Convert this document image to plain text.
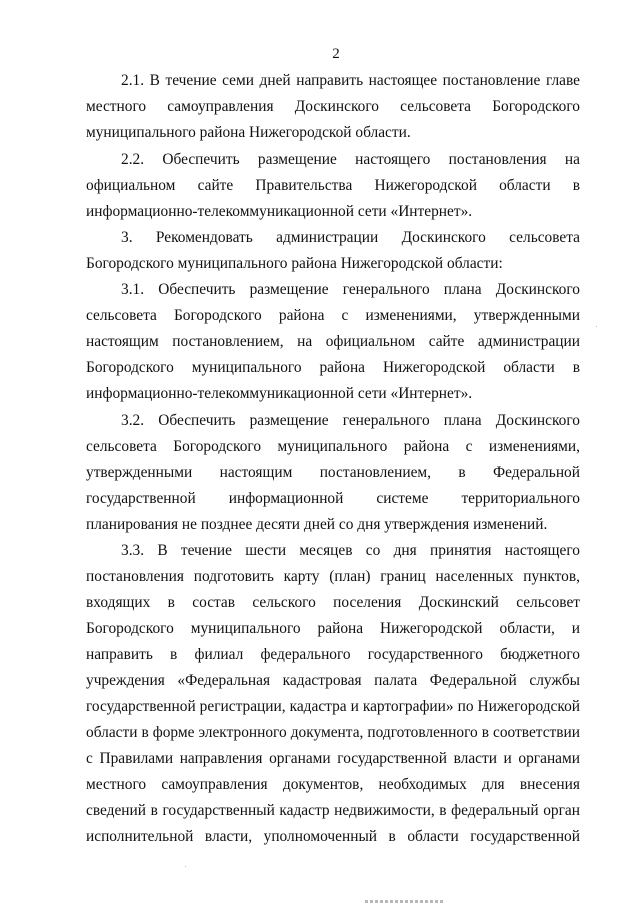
2
2.1. В течение семи дней направить настоящее постановление главе
местного самоуправления Доскинского сельсовета Богородского
муниципального района Нижегородской области.
2.2. Обеспечить размещение настоящего постановления на
официальном сайте Правительства Нижегородской области в
информационно-телекоммуникационной сети «Интернет».
3. Рекомендовать администрации Доскинского сельсовета
Богородского муниципального района Нижегородской области:
3.1. Обеспечить размещение генерального плана Доскинского
сельсовета Богородского района с изменениями, утвержденными
настоящим постановлением, на официальном сайте администрации
Богородского муниципального района Нижегородской области в
информационно-телекоммуникационной сети «Интернет».
3.2. Обеспечить размещение генерального плана Доскинского
сельсовета Богородского муниципального района с изменениями,
утвержденными настоящим постановлением, в Федеральной
государственной информационной системе территориального
планирования не позднее десяти дней со дня утверждения изменений.
3.3. В течение шести месяцев со дня принятия настоящего
постановления подготовить карту (план) границ населенных пунктов,
входящих в состав сельского поселения Доскинский сельсовет
Богородского муниципального района Нижегородской области, и
направить в филиал федерального государственного бюджетного
учреждения «Федеральная кадастровая палата Федеральной службы
государственной регистрации, кадастра и картографии» по Нижегородской
области в форме электронного документа, подготовленного в соответствии
с Правилами направления органами государственной власти и органами
местного самоуправления документов, необходимых для внесения
сведений в государственный кадастр недвижимости, в федеральный орган
исполнительной власти, уполномоченный в области государственной
